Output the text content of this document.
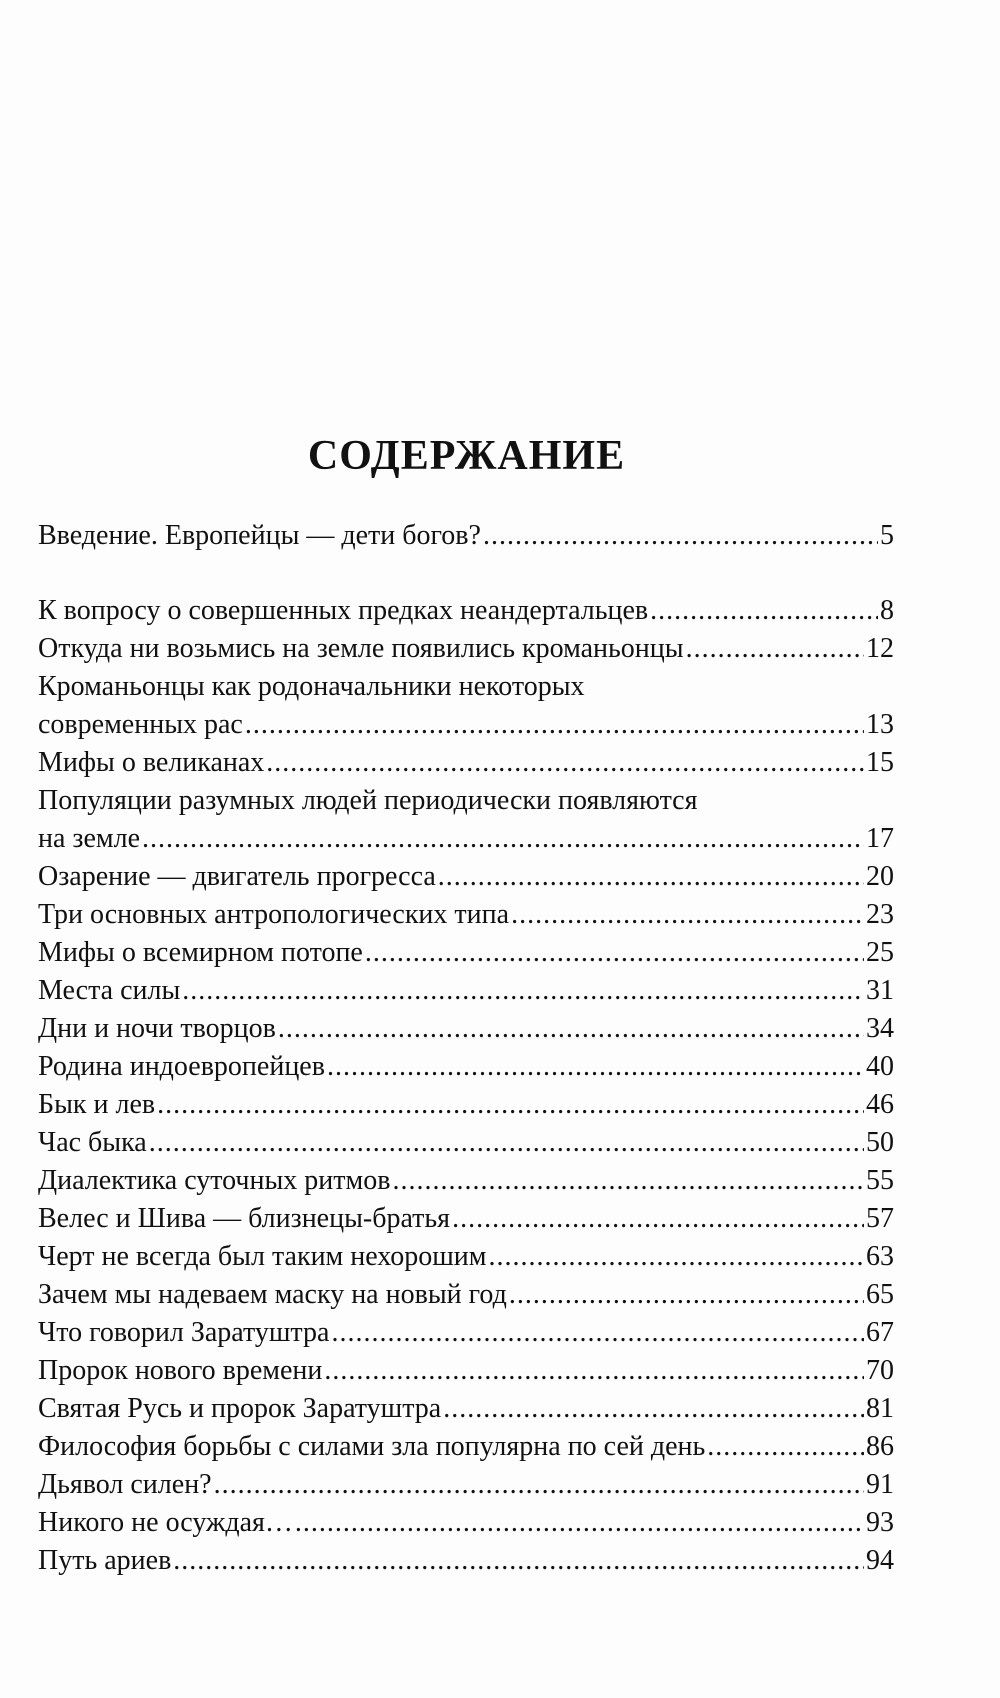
СОДЕРЖАНИЕ
Введение. Европейцы — дети богов? .....	5
К вопросу о совершенных предках неандертальцев .....	8
Откуда ни возьмись на земле появились кроманьонцы .....	12
Кроманьонцы как родоначальники некоторых
современных рас .....	13
Мифы о великанах .....	15
Популяции разумных людей периодически появляются
на земле .....	17
Озарение — двигатель прогресса .....	20
Три основных антропологических типа .....	23
Мифы о всемирном потопе .....	25
Места силы .....	31
Дни и ночи творцов .....	34
Родина индоевропейцев .....	40
Бык и лев .....	46
Час быка .....	50
Диалектика суточных ритмов .....	55
Велес и Шива — близнецы-братья .....	57
Черт не всегда был таким нехорошим .....	63
Зачем мы надеваем маску на новый год .....	65
Что говорил Заратуштра .....	67
Пророк нового времени .....	70
Святая Русь и пророк Заратуштра .....	81
Философия борьбы с силами зла популярна по сей день .....	86
Дьявол силен? .....	91
Никого не осуждая… .....	93
Путь ариев .....	94
